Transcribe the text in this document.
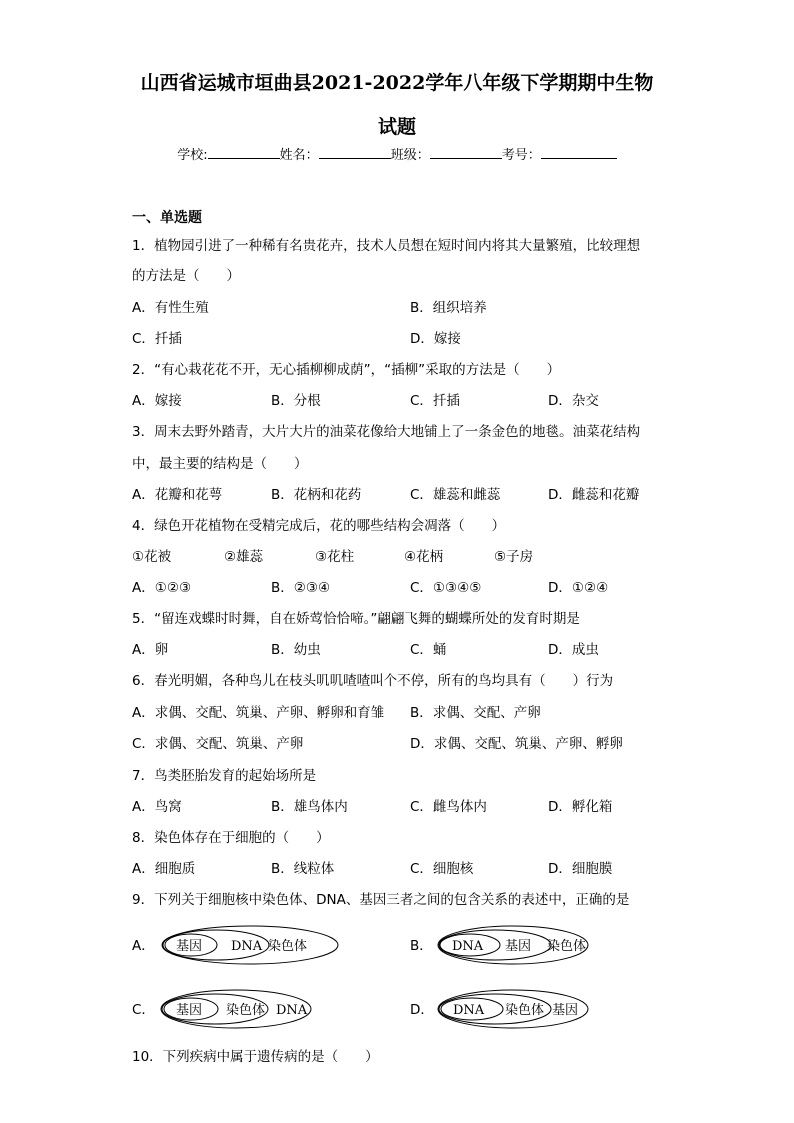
山西省运城市垣曲县2021-2022学年八年级下学期期中生物
试题
学校:	姓名：	班级：	考号：
一、单选题
1．植物园引进了一种稀有名贵花卉，技术人员想在短时间内将其大量繁殖，比较理想
的方法是（　　）
A．有性生殖	B．组织培养
C．扦插	D．嫁接
2．“有心栽花花不开，无心插柳柳成荫”，“插柳”采取的方法是（　　）
A．嫁接	B．分根	C．扦插	D．杂交
3．周末去野外踏青，大片大片的油菜花像给大地铺上了一条金色的地毯。油菜花结构
中，最主要的结构是（　　）
A．花瓣和花萼	B．花柄和花药	C．雄蕊和雌蕊	D．雌蕊和花瓣
4．绿色开花植物在受精完成后，花的哪些结构会凋落（　　）
①花被	②雄蕊	③花柱	④花柄	⑤子房
A．①②③	B．②③④	C．①③④⑤	D．①②④
5．“留连戏蝶时时舞，自在娇莺恰恰啼。”翩翩飞舞的蝴蝶所处的发育时期是
A．卵	B．幼虫	C．蛹	D．成虫
6．春光明媚，各种鸟儿在枝头叽叽喳喳叫个不停，所有的鸟均具有（　　）行为
A．求偶、交配、筑巢、产卵、孵卵和育雏 B．求偶、交配、产卵
C．求偶、交配、筑巢、产卵	D．求偶、交配、筑巢、产卵、孵卵
7．鸟类胚胎发育的起始场所是
A．鸟窝	B．雄鸟体内	C．雌鸟体内	D．孵化箱
8．染色体存在于细胞的（　　）
A．细胞质	B．线粒体	C．细胞核	D．细胞膜
9．下列关于细胞核中染色体、DNA、基因三者之间的包含关系的表述中，正确的是
A． 基因 DNA 染色体	B． DNA 基因 染色体
C． 基因 染色体 DNA	D． DNA 染色体 基因
10．下列疾病中属于遗传病的是（　　）
